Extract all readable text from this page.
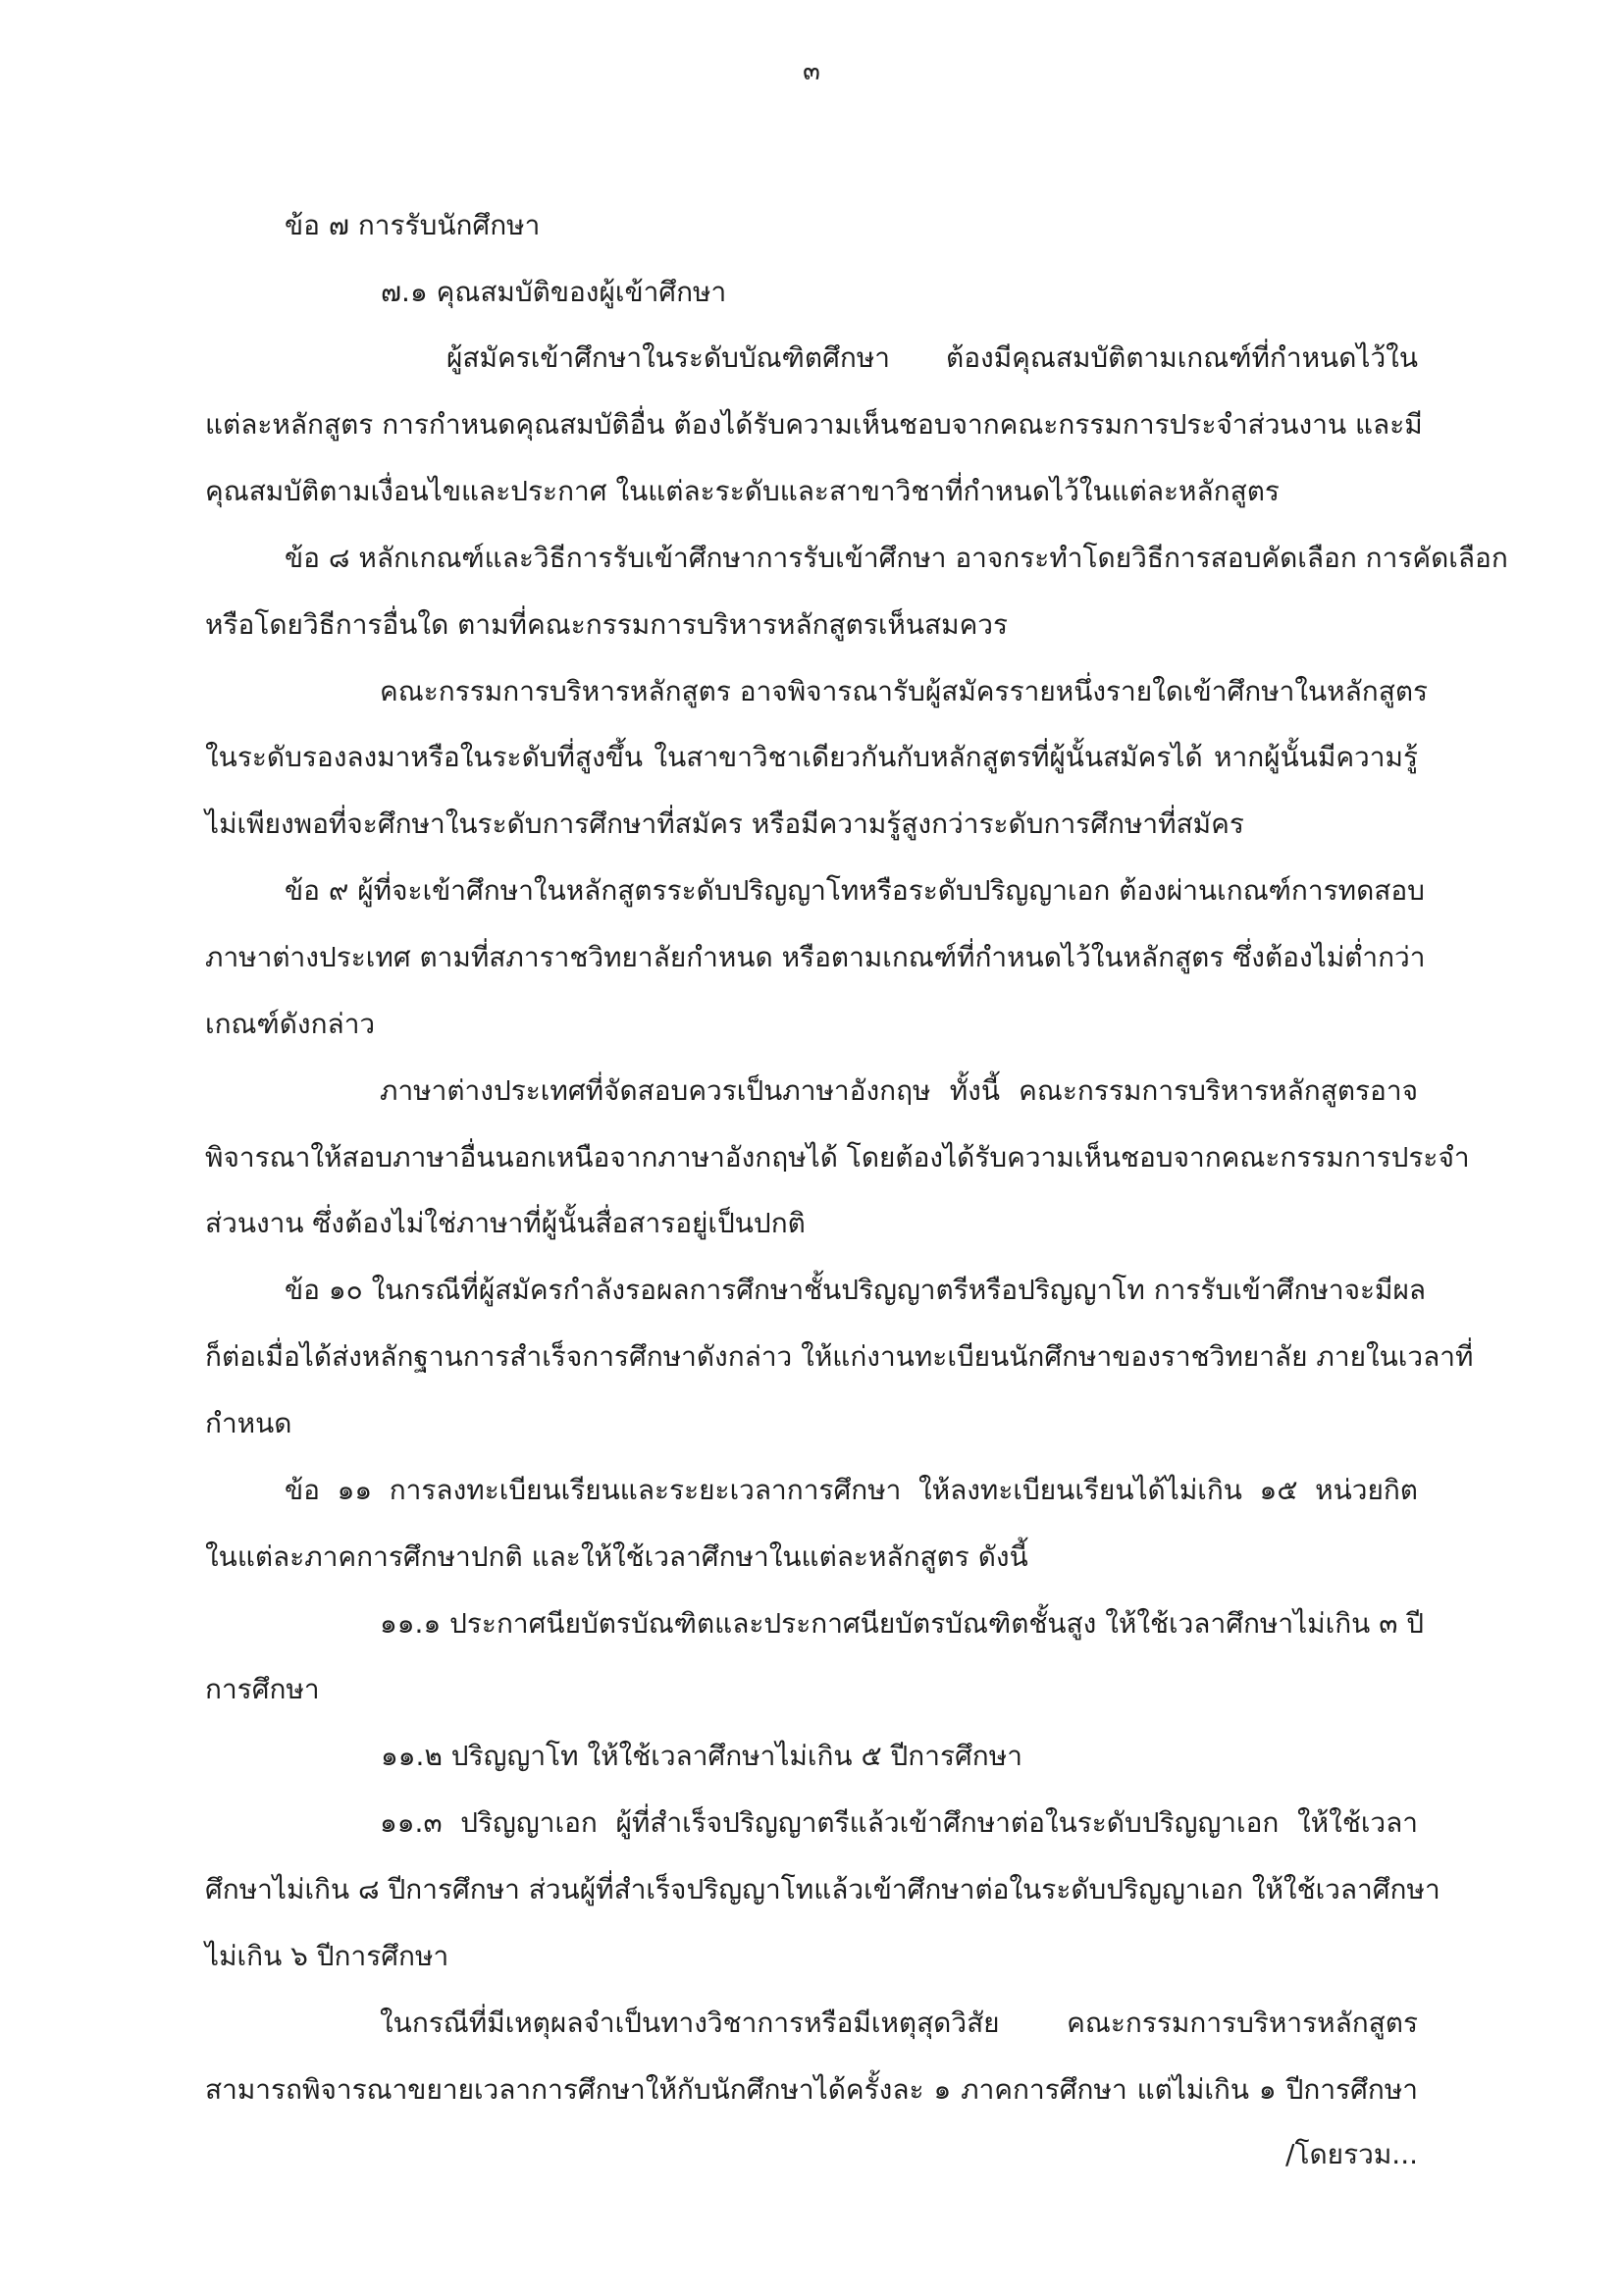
๓
ข้อ ๗ การรับนักศึกษา
๗.๑ คุณสมบัติของผู้เข้าศึกษา
ผู้สมัครเข้าศึกษาในระดับบัณฑิตศึกษา ต้องมีคุณสมบัติตามเกณฑ์ที่กำหนดไว้ใน
แต่ละหลักสูตร การกำหนดคุณสมบัติอื่น ต้องได้รับความเห็นชอบจากคณะกรรมการประจำส่วนงาน และมี
คุณสมบัติตามเงื่อนไขและประกาศ ในแต่ละระดับและสาขาวิชาที่กำหนดไว้ในแต่ละหลักสูตร
ข้อ ๘ หลักเกณฑ์และวิธีการรับเข้าศึกษาการรับเข้าศึกษา อาจกระทำโดยวิธีการสอบคัดเลือก การคัดเลือก
หรือโดยวิธีการอื่นใด ตามที่คณะกรรมการบริหารหลักสูตรเห็นสมควร
คณะกรรมการบริหารหลักสูตร อาจพิจารณารับผู้สมัครรายหนึ่งรายใดเข้าศึกษาในหลักสูตร
ในระดับรองลงมาหรือในระดับที่สูงขึ้น ในสาขาวิชาเดียวกันกับหลักสูตรที่ผู้นั้นสมัครได้ หากผู้นั้นมีความรู้
ไม่เพียงพอที่จะศึกษาในระดับการศึกษาที่สมัคร หรือมีความรู้สูงกว่าระดับการศึกษาที่สมัคร
ข้อ ๙ ผู้ที่จะเข้าศึกษาในหลักสูตรระดับปริญญาโทหรือระดับปริญญาเอก ต้องผ่านเกณฑ์การทดสอบ
ภาษาต่างประเทศ ตามที่สภาราชวิทยาลัยกำหนด หรือตามเกณฑ์ที่กำหนดไว้ในหลักสูตร ซึ่งต้องไม่ต่ำกว่า
เกณฑ์ดังกล่าว
ภาษาต่างประเทศที่จัดสอบควรเป็นภาษาอังกฤษ ทั้งนี้ คณะกรรมการบริหารหลักสูตรอาจ
พิจารณาให้สอบภาษาอื่นนอกเหนือจากภาษาอังกฤษได้ โดยต้องได้รับความเห็นชอบจากคณะกรรมการประจำ
ส่วนงาน ซึ่งต้องไม่ใช่ภาษาที่ผู้นั้นสื่อสารอยู่เป็นปกติ
ข้อ ๑๐ ในกรณีที่ผู้สมัครกำลังรอผลการศึกษาชั้นปริญญาตรีหรือปริญญาโท การรับเข้าศึกษาจะมีผล
ก็ต่อเมื่อได้ส่งหลักฐานการสำเร็จการศึกษาดังกล่าว ให้แก่งานทะเบียนนักศึกษาของราชวิทยาลัย ภายในเวลาที่
กำหนด
ข้อ ๑๑ การลงทะเบียนเรียนและระยะเวลาการศึกษา ให้ลงทะเบียนเรียนได้ไม่เกิน ๑๕ หน่วยกิต
ในแต่ละภาคการศึกษาปกติ และให้ใช้เวลาศึกษาในแต่ละหลักสูตร ดังนี้
๑๑.๑ ประกาศนียบัตรบัณฑิตและประกาศนียบัตรบัณฑิตชั้นสูง ให้ใช้เวลาศึกษาไม่เกิน ๓ ปี
การศึกษา
๑๑.๒ ปริญญาโท ให้ใช้เวลาศึกษาไม่เกิน ๕ ปีการศึกษา
๑๑.๓ ปริญญาเอก ผู้ที่สำเร็จปริญญาตรีแล้วเข้าศึกษาต่อในระดับปริญญาเอก ให้ใช้เวลา
ศึกษาไม่เกิน ๘ ปีการศึกษา ส่วนผู้ที่สำเร็จปริญญาโทแล้วเข้าศึกษาต่อในระดับปริญญาเอก ให้ใช้เวลาศึกษา
ไม่เกิน ๖ ปีการศึกษา
ในกรณีที่มีเหตุผลจำเป็นทางวิชาการหรือมีเหตุสุดวิสัย คณะกรรมการบริหารหลักสูตร
สามารถพิจารณาขยายเวลาการศึกษาให้กับนักศึกษาได้ครั้งละ ๑ ภาคการศึกษา แต่ไม่เกิน ๑ ปีการศึกษา
/โดยรวม...
